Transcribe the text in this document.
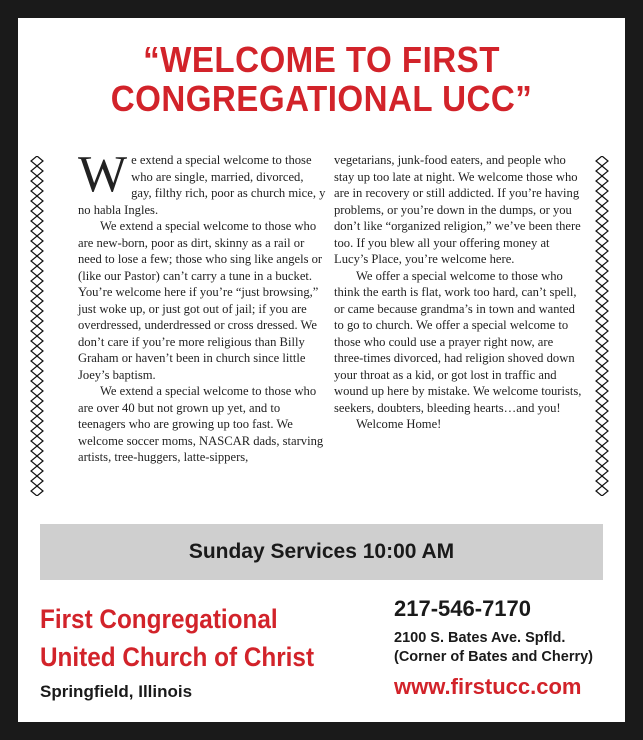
“WELCOME TO FIRST
CONGREGATIONAL UCC”

We extend a special welcome to those who are single, married, divorced, gay, filthy rich, poor as church mice, y no habla Ingles.

We extend a special welcome to those who are new-born, poor as dirt, skinny as a rail or need to lose a few; those who sing like angels or (like our Pastor) can’t carry a tune in a bucket. You’re welcome here if you’re “just browsing,” just woke up, or just got out of jail; if you are overdressed, underdressed or cross dressed. We don’t care if you’re more religious than Billy Graham or haven’t been in church since little Joey’s baptism.

We extend a special welcome to those who are over 40 but not grown up yet, and to teenagers who are growing up too fast. We welcome soccer moms, NASCAR dads, starving artists, tree-huggers, latte-sippers,

vegetarians, junk-food eaters, and people who stay up too late at night. We welcome those who are in recovery or still addicted. If you’re having problems, or you’re down in the dumps, or you don’t like “organized religion,” we’ve been there too. If you blew all your offering money at Lucy’s Place, you’re welcome here.

We offer a special welcome to those who think the earth is flat, work too hard, can’t spell, or came because grandma’s in town and wanted to go to church. We offer a special welcome to those who could use a prayer right now, are three-times divorced, had religion shoved down your throat as a kid, or got lost in traffic and wound up here by mistake. We welcome tourists, seekers, doubters, bleeding hearts…and you!

Welcome Home!

Sunday Services 10:00 AM
First Congregational
United Church of Christ
Springfield, Illinois
217-546-7170
2100 S. Bates Ave. Spfld.
(Corner of Bates and Cherry)
www.firstucc.com
